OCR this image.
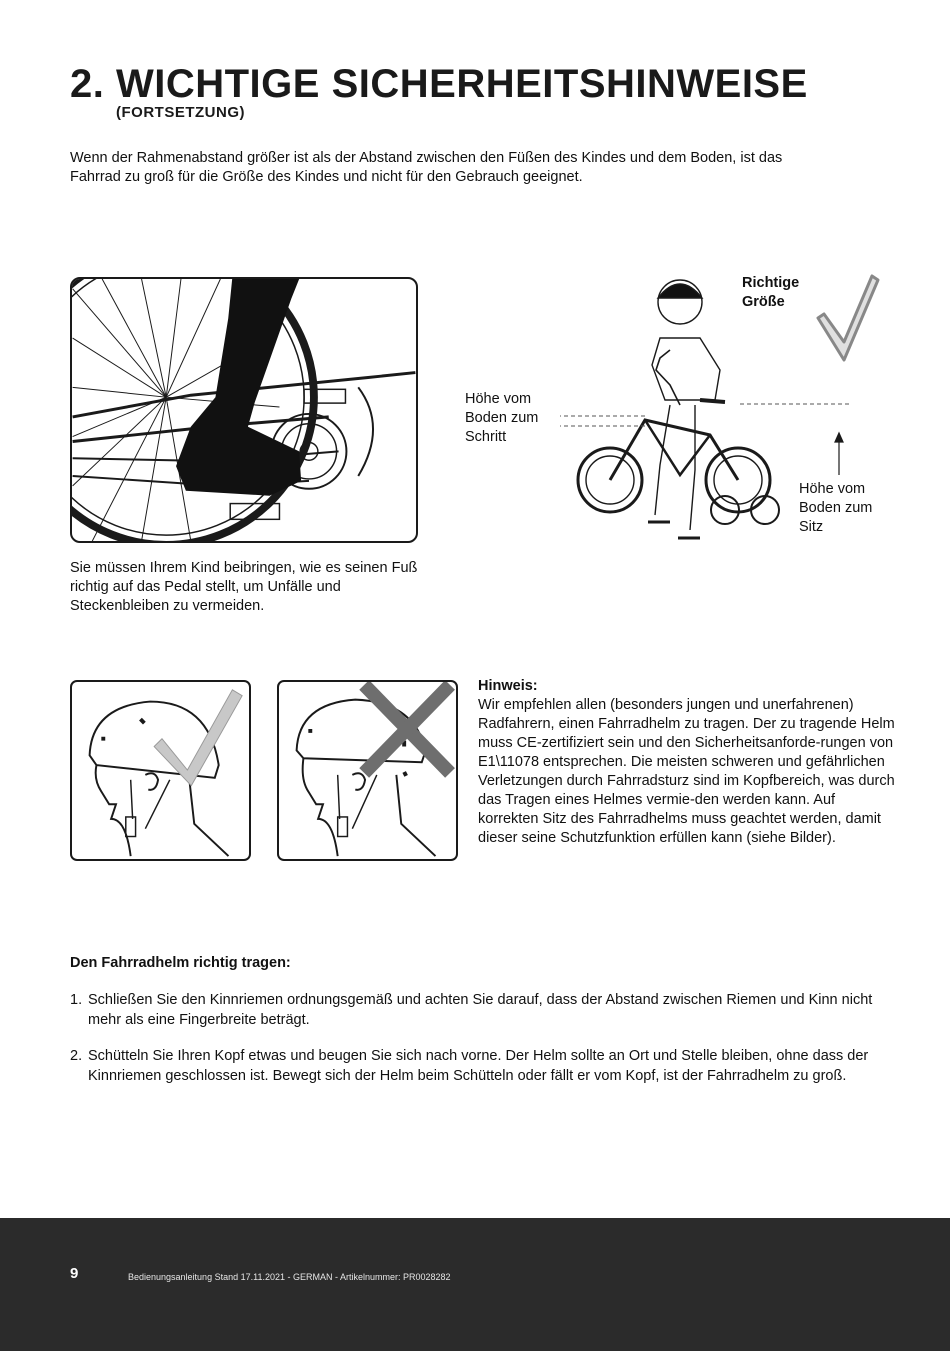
2. WICHTIGE SICHERHEITSHINWEISE
(FORTSETZUNG)

Wenn der Rahmenabstand größer ist als der Abstand zwischen den Füßen des Kindes und dem Boden, ist das Fahrrad zu groß für die Größe des Kindes und nicht für den Gebrauch geeignet.

Sie müssen Ihrem Kind beibringen, wie es seinen Fuß richtig auf das Pedal stellt, um Unfälle und Steckenbleiben zu vermeiden.

Höhe vom
Boden zum
Schritt
Höhe vom
Boden zum
Sitz
Richtige
Größe
Hinweis:
Wir empfehlen allen (besonders jungen und unerfahrenen) Radfahrern, einen Fahrradhelm zu tragen. Der zu tragende Helm muss CE-zertifiziert sein und den Sicherheitsanforde-rungen von E1\11078 entsprechen. Die meisten schweren und gefährlichen Verletzungen durch Fahrradsturz sind im Kopfbereich, was durch das Tragen eines Helmes vermie-den werden kann. Auf korrekten Sitz des Fahrradhelms muss geachtet werden, damit dieser seine Schutzfunktion erfüllen kann (siehe Bilder).
Den Fahrradhelm richtig tragen:
1. Schließen Sie den Kinnriemen ordnungsgemäß und achten Sie darauf, dass der Abstand zwischen Riemen und Kinn nicht mehr als eine Fingerbreite beträgt.
2. Schütteln Sie Ihren Kopf etwas und beugen Sie sich nach vorne. Der Helm sollte an Ort und Stelle bleiben, ohne dass der Kinnriemen geschlossen ist. Bewegt sich der Helm beim Schütteln oder fällt er vom Kopf, ist der Fahrradhelm zu groß.
9	Bedienungsanleitung Stand 17.11.2021 - GERMAN - Artikelnummer: PR0028282
